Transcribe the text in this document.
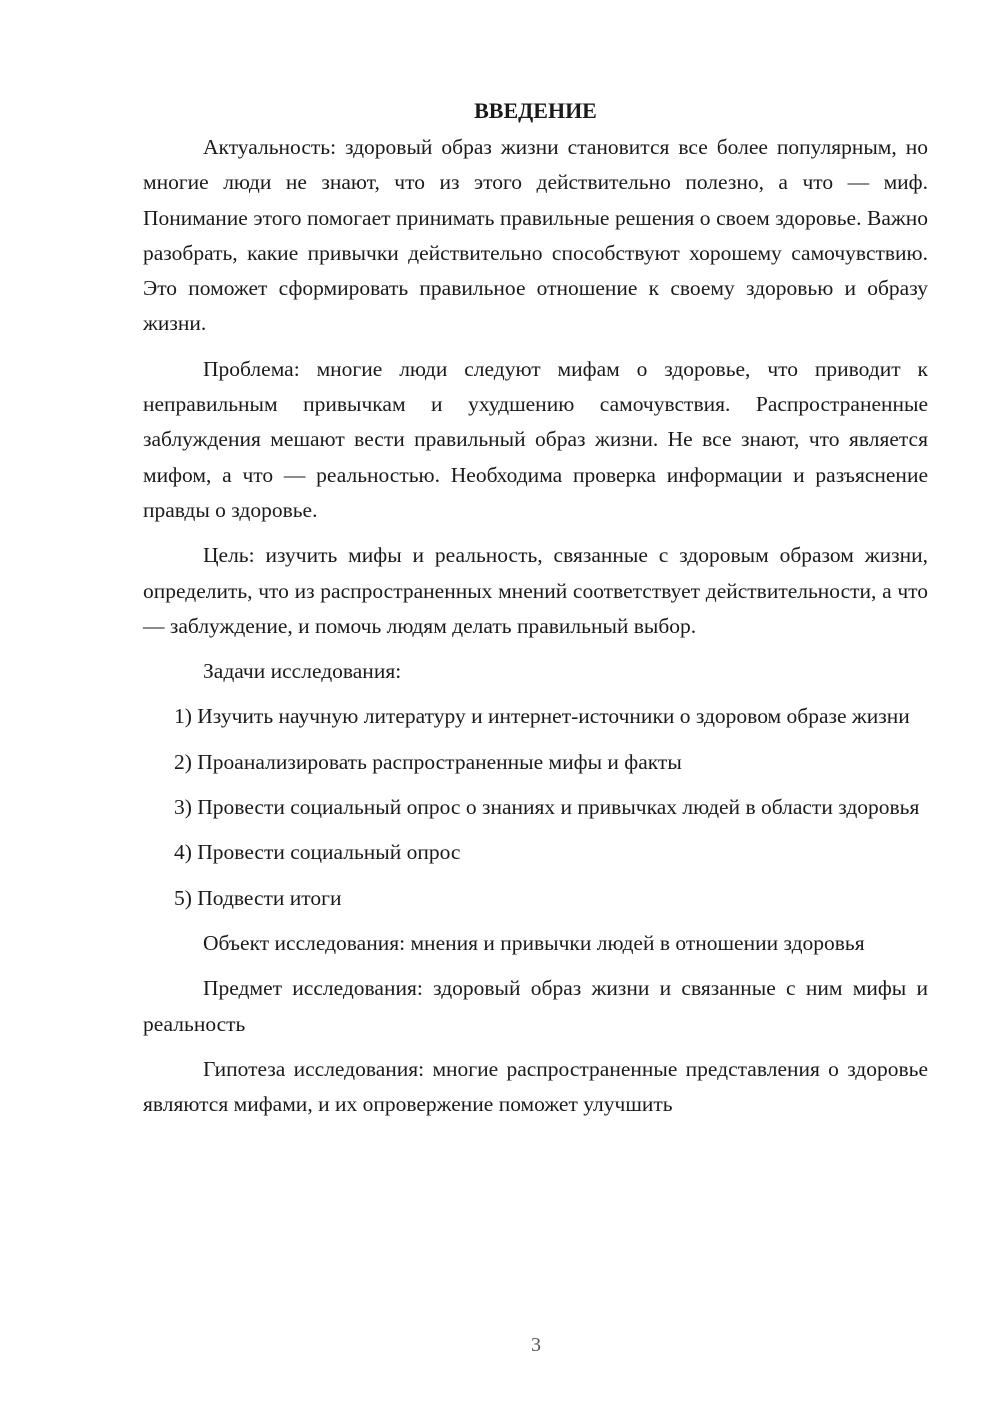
ВВЕДЕНИЕ

Актуальность: здоровый образ жизни становится все более популярным, но многие люди не знают, что из этого действительно полезно, а что — миф. Понимание этого помогает принимать правильные решения о своем здоровье. Важно разобрать, какие привычки действительно способствуют хорошему самочувствию. Это поможет сформировать правильное отношение к своему здоровью и образу жизни.

Проблема: многие люди следуют мифам о здоровье, что приводит к неправильным привычкам и ухудшению самочувствия. Распространенные заблуждения мешают вести правильный образ жизни. Не все знают, что является мифом, а что — реальностью. Необходима проверка информации и разъяснение правды о здоровье.

Цель: изучить мифы и реальность, связанные с здоровым образом жизни, определить, что из распространенных мнений соответствует действительности, а что — заблуждение, и помочь людям делать правильный выбор.

Задачи исследования:

1) Изучить научную литературу и интернет-источники о здоровом образе жизни

2) Проанализировать распространенные мифы и факты

3) Провести социальный опрос о знаниях и привычках людей в области здоровья

4) Провести социальный опрос

5) Подвести итоги

Объект исследования: мнения и привычки людей в отношении здоровья

Предмет исследования: здоровый образ жизни и связанные с ним мифы и реальность

Гипотеза исследования: многие распространенные представления о здоровье являются мифами, и их опровержение поможет улучшить

3
